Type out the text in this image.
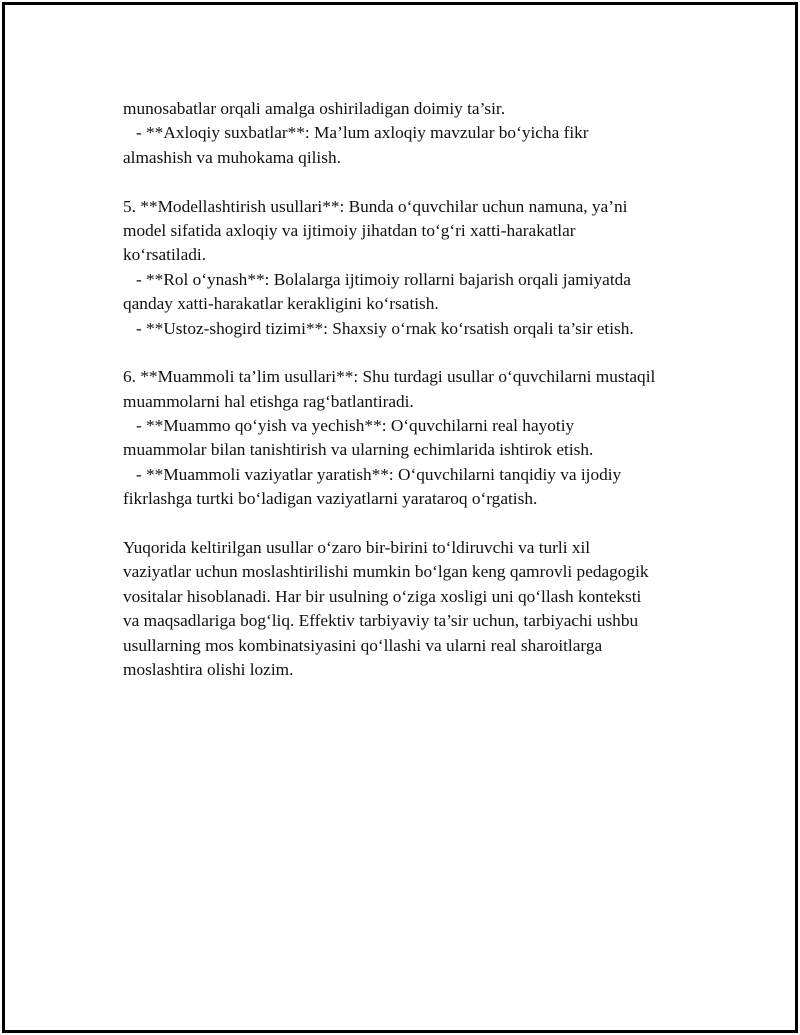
munosabatlar orqali amalga oshiriladigan doimiy ta’sir.

- **Axloqiy suxbatlar**: Ma’lum axloqiy mavzular bo‘yicha fikr

almashish va muhokama qilish.

5. **Modellashtirish usullari**: Bunda o‘quvchilar uchun namuna, ya’ni

model sifatida axloqiy va ijtimoiy jihatdan to‘g‘ri xatti-harakatlar

ko‘rsatiladi.

- **Rol o‘ynash**: Bolalarga ijtimoiy rollarni bajarish orqali jamiyatda

qanday xatti-harakatlar kerakligini ko‘rsatish.

- **Ustoz-shogird tizimi**: Shaxsiy o‘rnak ko‘rsatish orqali ta’sir etish.

6. **Muammoli ta’lim usullari**: Shu turdagi usullar o‘quvchilarni mustaqil

muammolarni hal etishga rag‘batlantiradi.

- **Muammo qo‘yish va yechish**: O‘quvchilarni real hayotiy

muammolar bilan tanishtirish va ularning echimlarida ishtirok etish.

- **Muammoli vaziyatlar yaratish**: O‘quvchilarni tanqidiy va ijodiy

fikrlashga turtki bo‘ladigan vaziyatlarni yarataroq o‘rgatish.

Yuqorida keltirilgan usullar o‘zaro bir-birini to‘ldiruvchi va turli xil

vaziyatlar uchun moslashtirilishi mumkin bo‘lgan keng qamrovli pedagogik

vositalar hisoblanadi. Har bir usulning o‘ziga xosligi uni qo‘llash konteksti

va maqsadlariga bog‘liq. Effektiv tarbiyaviy ta’sir uchun, tarbiyachi ushbu

usullarning mos kombinatsiyasini qo‘llashi va ularni real sharoitlarga

moslashtira olishi lozim.
